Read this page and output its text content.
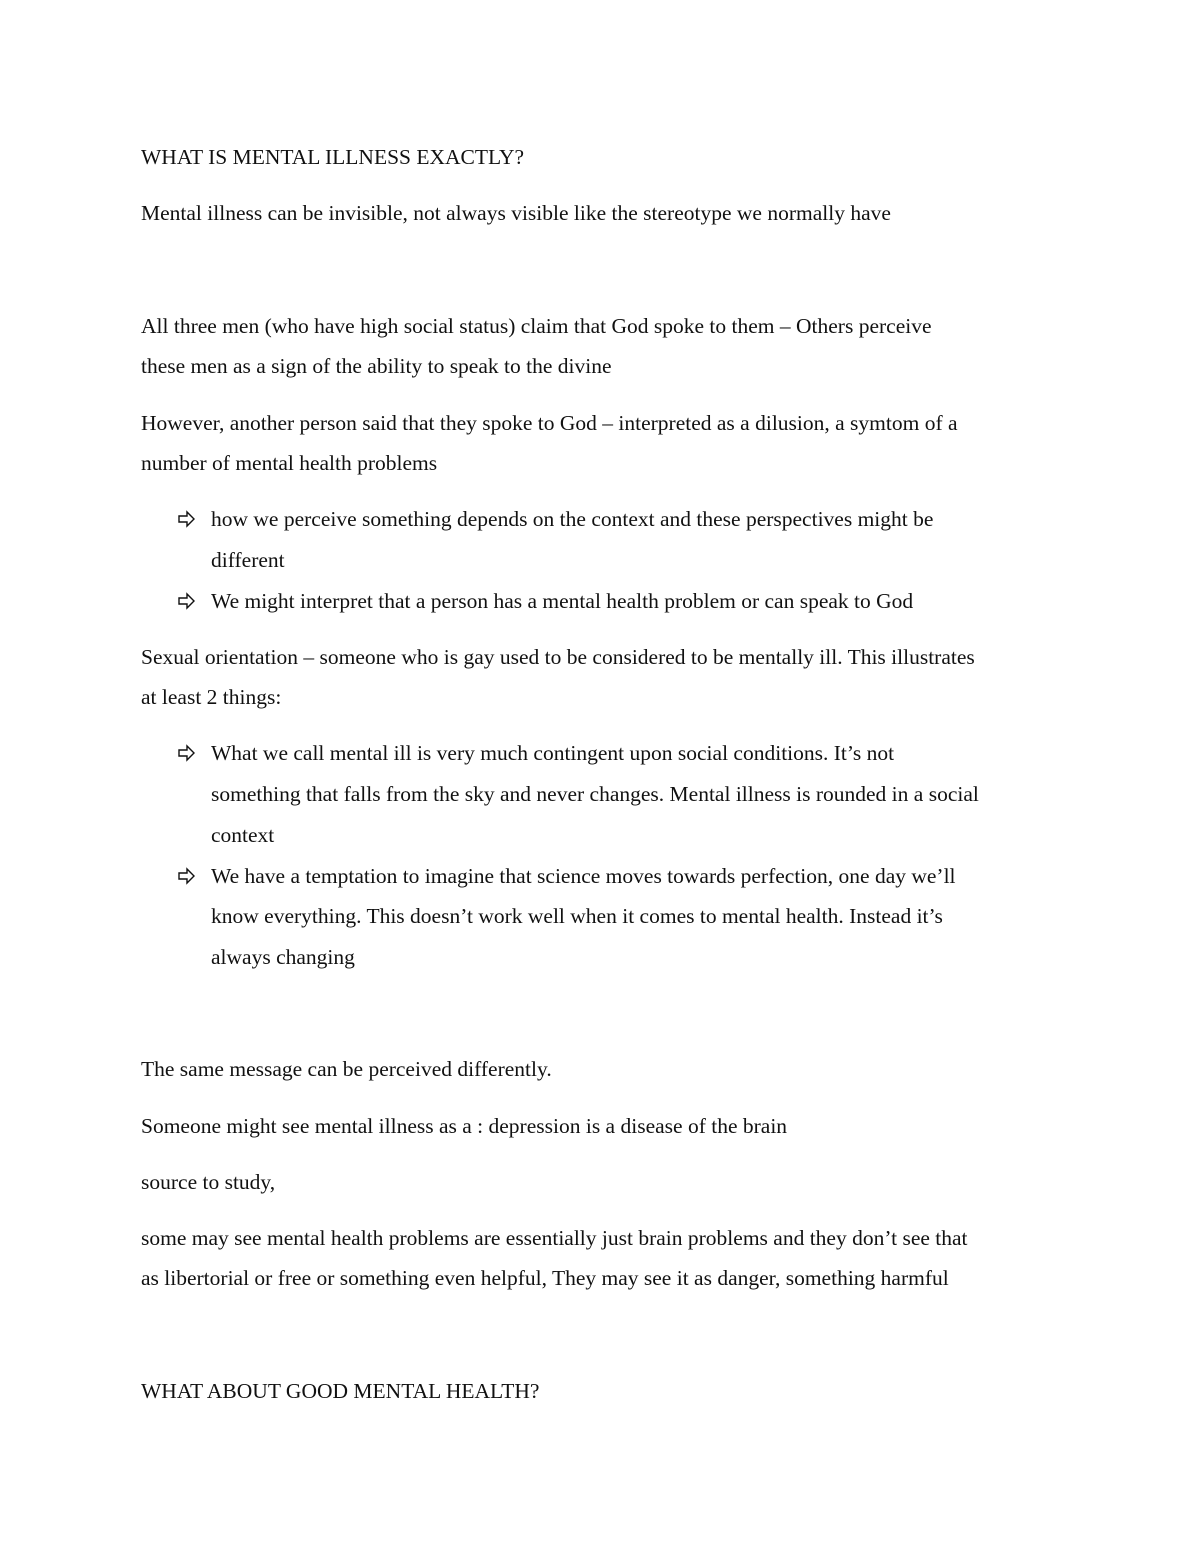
WHAT IS MENTAL ILLNESS EXACTLY?
Mental illness can be invisible, not always visible like the stereotype we normally have
All three men (who have high social status) claim that God spoke to them – Others perceive
these men as a sign of the ability to speak to the divine
However, another person said that they spoke to God – interpreted as a dilusion, a symtom of a
number of mental health problems
how we perceive something depends on the context and these perspectives might be
different
We might interpret that a person has a mental health problem or can speak to God
Sexual orientation – someone who is gay used to be considered to be mentally ill. This illustrates
at least 2 things:
What we call mental ill is very much contingent upon social conditions. It’s not
something that falls from the sky and never changes. Mental illness is rounded in a social
context
We have a temptation to imagine that science moves towards perfection, one day we’ll
know everything. This doesn’t work well when it comes to mental health. Instead it’s
always changing
The same message can be perceived differently.
Someone might see mental illness as a : depression is a disease of the brain
source to study,
some may see mental health problems are essentially just brain problems and they don’t see that
as libertorial or free or something even helpful, They may see it as danger, something harmful
WHAT ABOUT GOOD MENTAL HEALTH?
